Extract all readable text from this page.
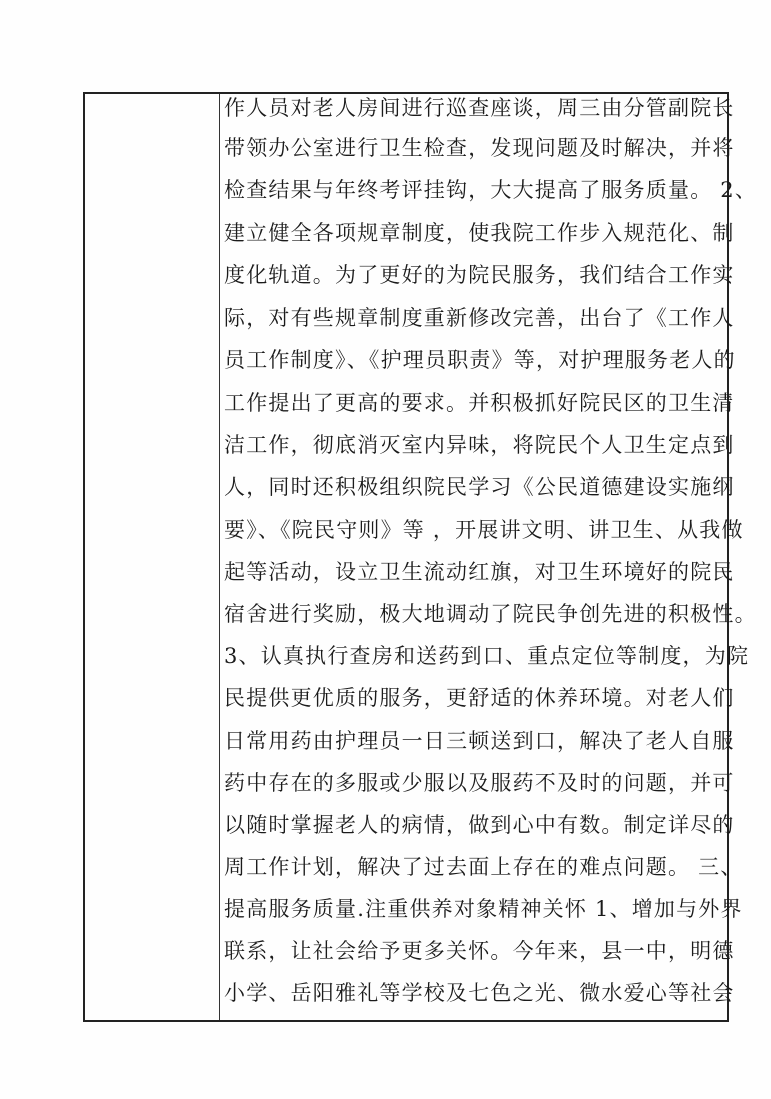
作人员对老人房间进行巡查座谈，周三由分管副院长
带领办公室进行卫生检查，发现问题及时解决，并将
检查结果与年终考评挂钩，大大提高了服务质量。 2、
建立健全各项规章制度，使我院工作步入规范化、制
度化轨道。为了更好的为院民服务，我们结合工作实
际，对有些规章制度重新修改完善，出台了《工作人
员工作制度》、《护理员职责》等，对护理服务老人的
工作提出了更高的要求。并积极抓好院民区的卫生清
洁工作，彻底消灭室内异味，将院民个人卫生定点到
人，同时还积极组织院民学习《公民道德建设实施纲
要》、《院民守则》等 ，开展讲文明、讲卫生、从我做
起等活动，设立卫生流动红旗，对卫生环境好的院民
宿舍进行奖励，极大地调动了院民争创先进的积极性。
3、认真执行查房和送药到口、重点定位等制度，为院
民提供更优质的服务，更舒适的休养环境。对老人们
日常用药由护理员一日三顿送到口，解决了老人自服
药中存在的多服或少服以及服药不及时的问题，并可
以随时掌握老人的病情，做到心中有数。制定详尽的
周工作计划，解决了过去面上存在的难点问题。 三、
提高服务质量.注重供养对象精神关怀 1、增加与外界
联系，让社会给予更多关怀。今年来，县一中，明德
小学、岳阳雅礼等学校及七色之光、微水爱心等社会
